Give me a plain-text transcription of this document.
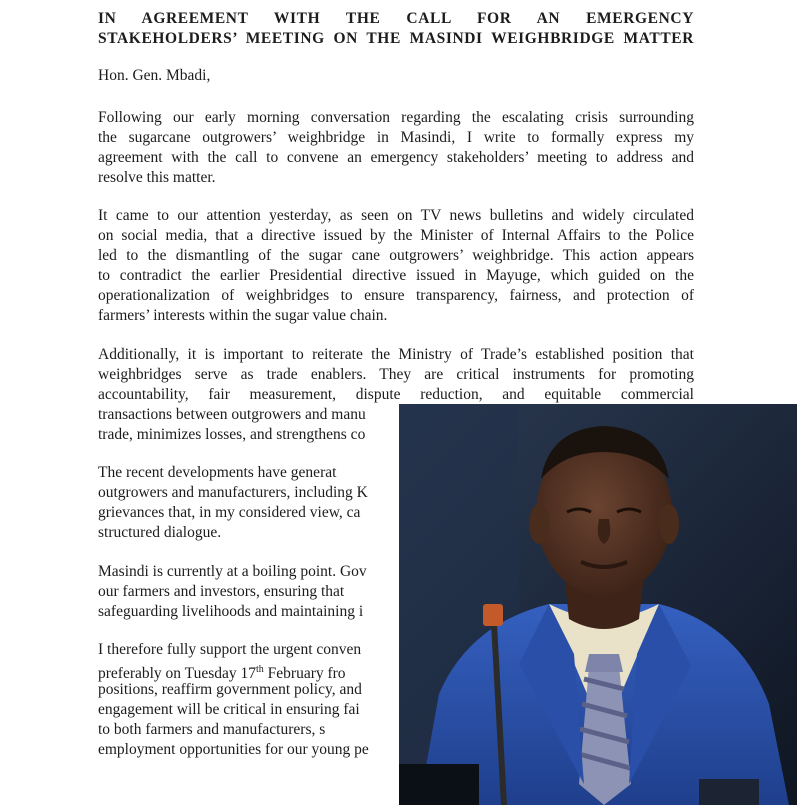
IN AGREEMENT WITH THE CALL FOR AN EMERGENCY
STAKEHOLDERS’ MEETING ON THE MASINDI WEIGHBRIDGE MATTER
Hon. Gen. Mbadi,
Following our early morning conversation regarding the escalating crisis surrounding
the sugarcane outgrowers’ weighbridge in Masindi, I write to formally express my
agreement with the call to convene an emergency stakeholders’ meeting to address and
resolve this matter.
It came to our attention yesterday, as seen on TV news bulletins and widely circulated
on social media, that a directive issued by the Minister of Internal Affairs to the Police
led to the dismantling of the sugar cane outgrowers’ weighbridge. This action appears
to contradict the earlier Presidential directive issued in Mayuge, which guided on the
operationalization of weighbridges to ensure transparency, fairness, and protection of
farmers’ interests within the sugar value chain.
Additionally, it is important to reiterate the Ministry of Trade’s established position that
weighbridges serve as trade enablers. They are critical instruments for promoting
accountability, fair measurement, dispute reduction, and equitable commercial
transactions between outgrowers and manu
trade, minimizes losses, and strengthens co
The recent developments have generat
outgrowers and manufacturers, including K
grievances that, in my considered view, ca
structured dialogue.
Masindi is currently at a boiling point. Gov
our farmers and investors, ensuring that
safeguarding livelihoods and maintaining i
I therefore fully support the urgent conven
preferably on Tuesday 17th February fro
positions, reaffirm government policy, and
engagement will be critical in ensuring fai
to both farmers and manufacturers, s
employment opportunities for our young pe
